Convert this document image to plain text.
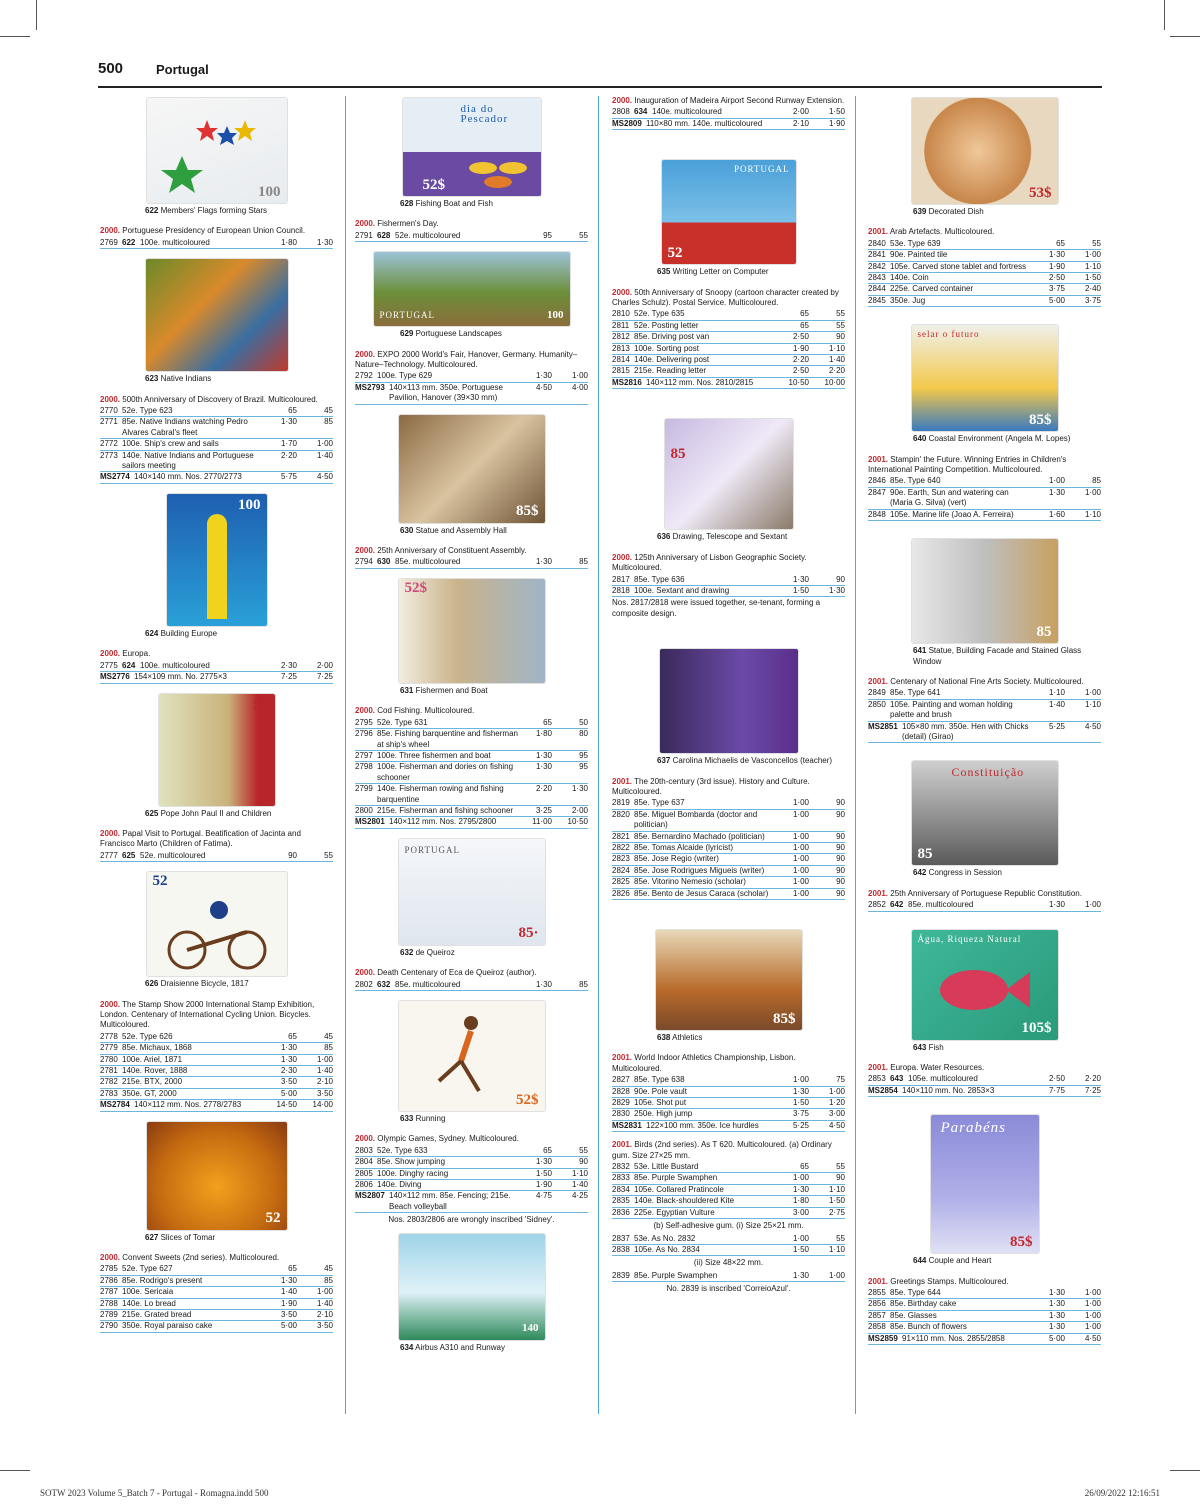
500	Portugal
100
622 Members' Flags forming Stars
2000. Portuguese Presidency of European Union Council.
2769 622 100e. multicoloured	1·80	1·30
623 Native Indians
2000. 500th Anniversary of Discovery of Brazil. Multicoloured.
2770 52e. Type 623	65	45
2771 85e. Native Indians watching Pedro Alvares Cabral's fleet
1·30	85
2772 100e. Ship's crew and sails	1·70	1·00
2773 140e. Native Indians and Portuguese sailors meeting
2·20	1·40
MS2774 140×140 mm. Nos. 2770/2773	5·75	4·50
100
624 Building Europe
2000. Europa.
2775 624 100e. multicoloured	2·30	2·00
MS2776 154×109 mm. No. 2775×3	7·25	7·25
52
625 Pope John Paul II and Children
2000. Papal Visit to Portugal. Beatification of Jacinta and Francisco Marto (Children of Fatima).
2777 625 52e. multicoloured	90	55
52
626 Draisienne Bicycle, 1817
2000. The Stamp Show 2000 International Stamp Exhibition, London. Centenary of International Cycling Union. Bicycles. Multicoloured.
2778 52e. Type 626	65	45
2779 85e. Michaux, 1868	1·30	85
2780 100e. Ariel, 1871	1·30	1·00
2781 140e. Rover, 1888	2·30	1·40
2782 215e. BTX, 2000	3·50	2·10
2783 350e. GT, 2000	5·00	3·50
MS2784 140×112 mm. Nos. 2778/2783	14·50	14·00
52
627 Slices of Tomar
2000. Convent Sweets (2nd series). Multicoloured.
2785 52e. Type 627	65	45
2786 85e. Rodrigo's present	1·30	85
2787 100e. Sericaia	1·40	1·00
2788 140e. Lo bread	1·90	1·40
2789 215e. Grated bread	3·50	2·10
2790 350e. Royal paraiso cake	5·00	3·50
dia do Pescador
52$
628 Fishing Boat and Fish
2000. Fishermen's Day.
2791 628 52e. multicoloured	95	55
PORTUGAL	100
629 Portuguese Landscapes
2000. EXPO 2000 World's Fair, Hanover, Germany. Humanity–Nature–Technology. Multicoloured.
2792 100e. Type 629	1·30	1·00
MS2793 140×113 mm. 350e. Portuguese Pavilion, Hanover (39×30 mm)
4·50	4·00
85$
630 Statue and Assembly Hall
2000. 25th Anniversary of Constituent Assembly.
2794 630 85e. multicoloured	1·30	85
52$
631 Fishermen and Boat
2000. Cod Fishing. Multicoloured.
2795 52e. Type 631	65	50
2796 85e. Fishing barquentine and fisherman at ship's wheel
1·80	80
2797 100e. Three fishermen and boat	1·30	95
2798 100e. Fisherman and dories on fishing schooner
1·30	95
2799 140e. Fisherman rowing and fishing barquentine
2·20	1·30
2800 215e. Fisherman and fishing schooner	3·25	2·00
MS2801 140×112 mm. Nos. 2795/2800	11·00	10·50
PORTUGAL
85·
632 de Queiroz
2000. Death Centenary of Eca de Queiroz (author).
2802 632 85e. multicoloured	1·30	85
52$
633 Running
2000. Olympic Games, Sydney. Multicoloured.
2803 52e. Type 633	65	55
2804 85e. Show jumping	1·30	90
2805 100e. Dinghy racing	1·50	1·10
2806 140e. Diving	1·90	1·40
MS2807 140×112 mm. 85e. Fencing; 215e. Beach volleyball
4·75	4·25
Nos. 2803/2806 are wrongly inscribed 'Sidney'.
140
634 Airbus A310 and Runway
2000. Inauguration of Madeira Airport Second Runway Extension.
2808 634 140e. multicoloured	2·00	1·50
MS2809 110×80 mm. 140e. multicoloured	2·10	1·90
PORTUGAL
52
635 Writing Letter on Computer
2000. 50th Anniversary of Snoopy (cartoon character created by Charles Schulz). Postal Service. Multicoloured.
2810 52e. Type 635	65	55
2811 52e. Posting letter	65	55
2812 85e. Driving post van	2·50	90
2813 100e. Sorting post	1·90	1·10
2814 140e. Delivering post	2·20	1·40
2815 215e. Reading letter	2·50	2·20
MS2816 140×112 mm. Nos. 2810/2815	10·50	10·00
85
636 Drawing, Telescope and Sextant
2000. 125th Anniversary of Lisbon Geographic Society. Multicoloured.
2817 85e. Type 636	1·30	90
2818 100e. Sextant and drawing	1·50	1·30
Nos. 2817/2818 were issued together, se-tenant, forming a composite design.
637 Carolina Michaelis de Vasconcellos (teacher)
2001. The 20th-century (3rd issue). History and Culture. Multicoloured.
2819 85e. Type 637	1·00	90
2820 85e. Miguel Bombarda (doctor and politician)
1·00	90
2821 85e. Bernardino Machado (politician)	1·00	90
2822 85e. Tomas Alcaide (lyricist)	1·00	90
2823 85e. Jose Regio (writer)	1·00	90
2824 85e. Jose Rodrigues Migueis (writer)	1·00	90
2825 85e. Vitorino Nemesio (scholar)	1·00	90
2826 85e. Bento de Jesus Caraca (scholar)	1·00	90
85$
638 Athletics
2001. World Indoor Athletics Championship, Lisbon. Multicoloured.
2827 85e. Type 638	1·00	75
2828 90e. Pole vault	1·30	1·00
2829 105e. Shot put	1·50	1·20
2830 250e. High jump	3·75	3·00
MS2831 122×100 mm. 350e. Ice hurdles	5·25	4·50
2001. Birds (2nd series). As T 620. Multicoloured. (a) Ordinary gum. Size 27×25 mm.
2832 53e. Little Bustard	65	55
2833 85e. Purple Swamphen	1·00	90
2834 105e. Collared Pratincole	1·30	1·10
2835 140e. Black-shouldered Kite	1·80	1·50
2836 225e. Egyptian Vulture	3·00	2·75
(b) Self-adhesive gum. (i) Size 25×21 mm.
2837 53e. As No. 2832	1·00	55
2838 105e. As No. 2834	1·50	1·10
(ii) Size 48×22 mm.
2839 85e. Purple Swamphen	1·30	1·00
No. 2839 is inscribed 'CorreioAzul'.
53$
639 Decorated Dish
2001. Arab Artefacts. Multicoloured.
2840 53e. Type 639	65	55
2841 90e. Painted tile	1·30	1·00
2842 105e. Carved stone tablet and fortress	1·90	1·10
2843 140e. Coin	2·50	1·50
2844 225e. Carved container	3·75	2·40
2845 350e. Jug	5·00	3·75
selar o futuro
85$
640 Coastal Environment (Angela M. Lopes)
2001. Stampin' the Future. Winning Entries in Children's International Painting Competition. Multicoloured.
2846 85e. Type 640	1·00	85
2847 90e. Earth, Sun and watering can (Maria G. Silva) (vert)
1·30	1·00
2848 105e. Marine life (Joao A. Ferreira)	1·60	1·10
85
641 Statue, Building Facade and Stained Glass Window
2001. Centenary of National Fine Arts Society. Multicoloured.
2849 85e. Type 641	1·10	1·00
2850 105e. Painting and woman holding palette and brush
1·40	1·10
MS2851 105×80 mm. 350e. Hen with Chicks (detail) (Girao)
5·25	4·50
Constituição
85
642 Congress in Session
2001. 25th Anniversary of Portuguese Republic Constitution.
2852 642 85e. multicoloured	1·30	1·00
Água, Riqueza Natural
105$
643 Fish
2001. Europa. Water Resources.
2853 643 105e. multicoloured	2·50	2·20
MS2854 140×110 mm. No. 2853×3	7·75	7·25
Parabéns
85$
644 Couple and Heart
2001. Greetings Stamps. Multicoloured.
2855 85e. Type 644	1·30	1·00
2856 85e. Birthday cake	1·30	1·00
2857 85e. Glasses	1·30	1·00
2858 85e. Bunch of flowers	1·30	1·00
MS2859 91×110 mm. Nos. 2855/2858	5·00	4·50
SOTW 2023 Volume 5_Batch 7 - Portugal - Romagna.indd 500	26/09/2022 12:16:51
